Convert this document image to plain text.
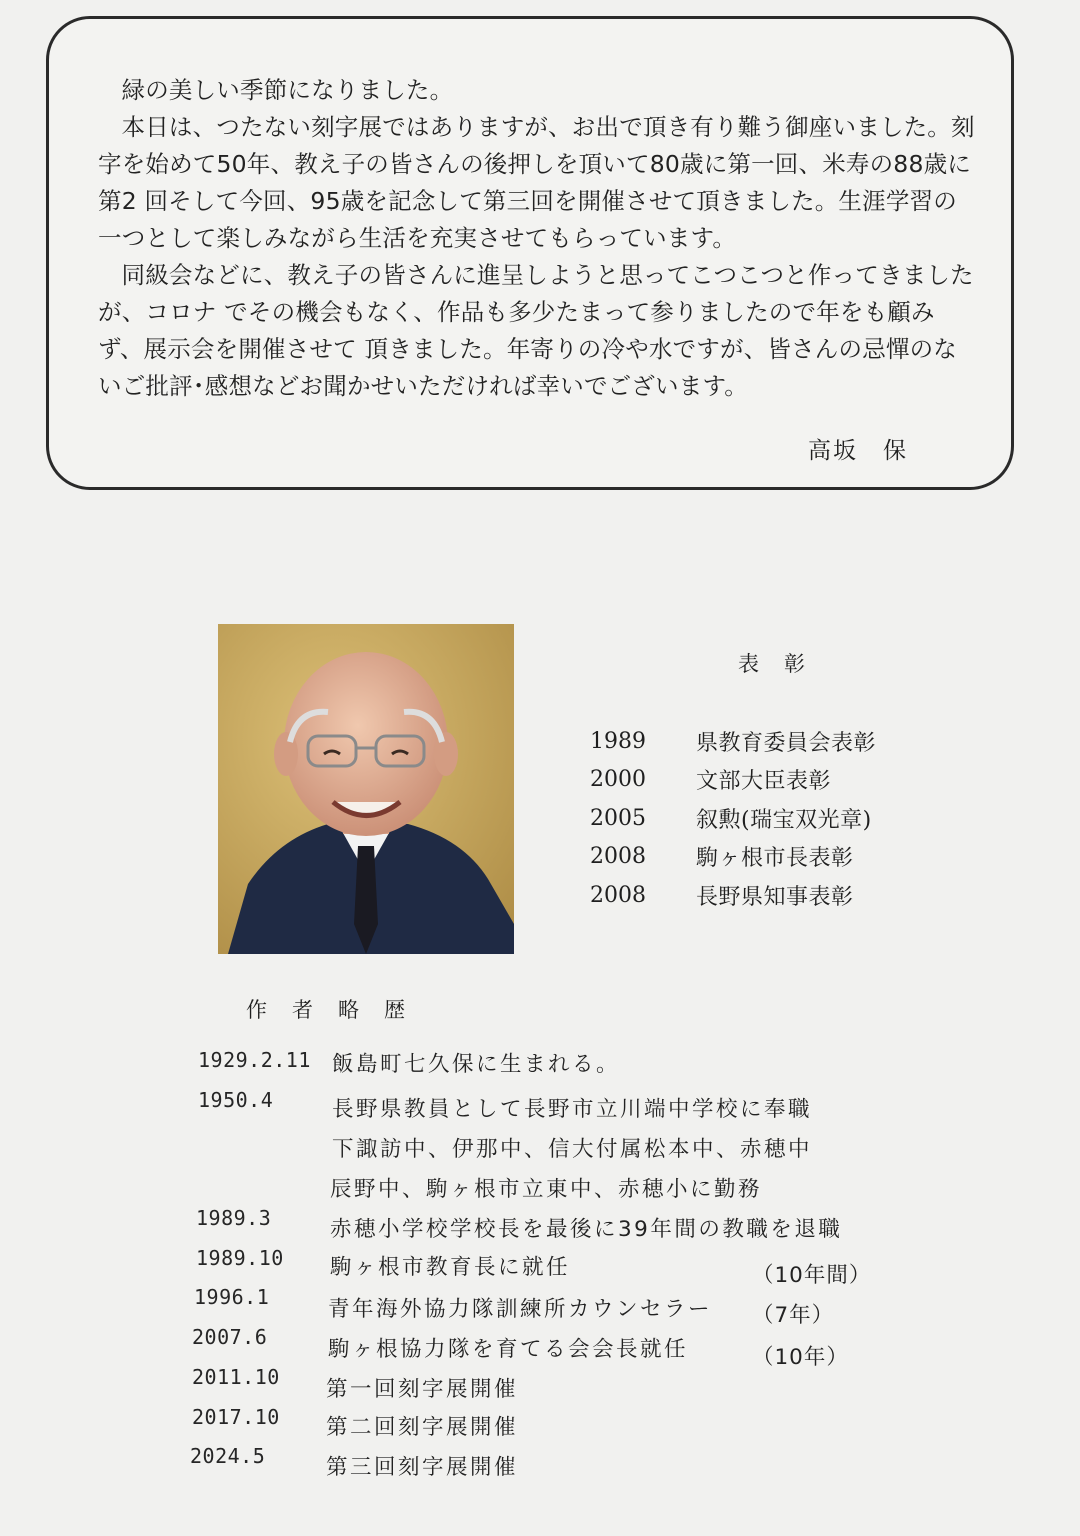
緑の美しい季節になりました。

本日は、つたない刻字展ではありますが、お出で頂き有り難う御座いました。刻字を始めて50年、教え子の皆さんの後押しを頂いて80歳に第一回、米寿の88歳に第2 回そして今回、95歳を記念して第三回を開催させて頂きました。生涯学習の一つとして楽しみながら生活を充実させてもらっています。

同級会などに、教え子の皆さんに進呈しようと思ってこつこつと作ってきましたが、コロナ でその機会もなく、作品も多少たまって参りましたので年をも顧みず、展示会を開催させて 頂きました。年寄りの冷や水ですが、皆さんの忌憚のないご批評･感想などお聞かせいただければ幸いでございます。

高坂　保
表　彰
1989	県教育委員会表彰
2000	文部大臣表彰
2005	叙勲(瑞宝双光章)
2008	駒ヶ根市長表彰
2008	長野県知事表彰
作　者　略　歴
1929.2.11 飯島町七久保に生まれる。
1950.4	長野県教員として長野市立川端中学校に奉職
下諏訪中、伊那中、信大付属松本中、赤穂中
辰野中、駒ヶ根市立東中、赤穂小に勤務
1989.3	赤穂小学校学校長を最後に39年間の教職を退職
1989.10 駒ヶ根市教育長に就任	（10年間）
1996.1	青年海外協力隊訓練所カウンセラー （7年）
2007.6	駒ヶ根協力隊を育てる会会長就任	（10年）
2011.10 第一回刻字展開催
2017.10 第二回刻字展開催
2024.5	第三回刻字展開催
